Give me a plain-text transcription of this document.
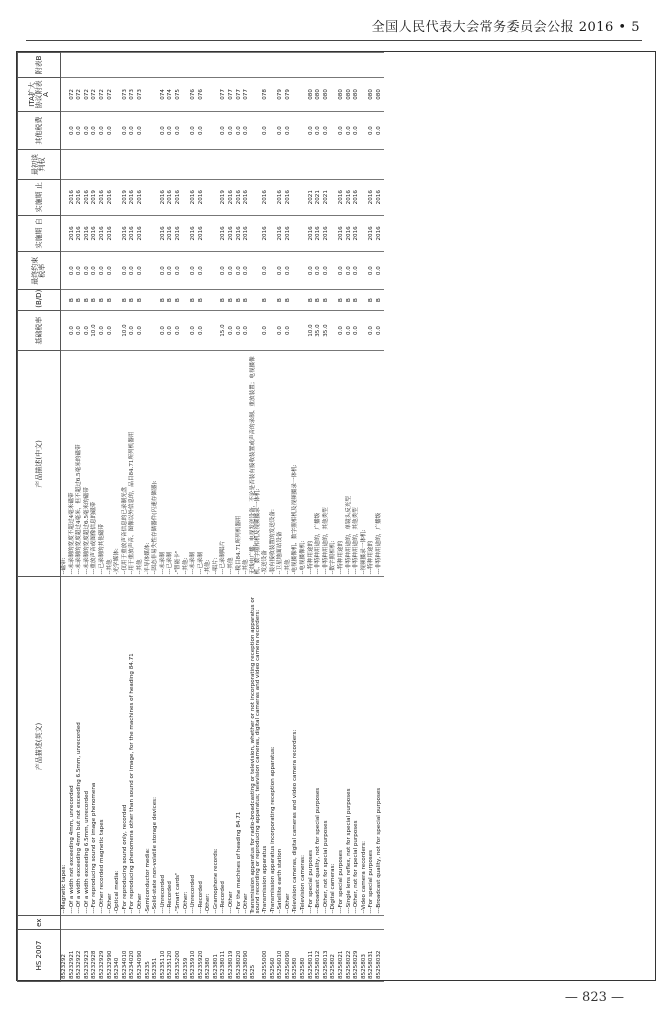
全国人民代表大会常务委员会公报 2016 • 5
HS 2007	ex	产品描述(英文)	产品描述(中文)	基础税率	(B/D)	最终约束税率	实施期 自	实施期 止	最初谈判权	其他税费	ITA扩大协议附表A	附表B
8523292		--Magnetic tapes:	--磁带:									
85232921		---Of a width not exceeding 4mm, unrecorded	---未录制的宽度不超过4毫米磁带	0.0	B	0.0	2016	2016		0.0	072	
85232922		---Of a width exceeding 4mm but not exceeding 6.5mm, unrecorded	---未录制的宽度超过4毫米，但不超过6.5毫米的磁带	0.0	B	0.0	2016	2016		0.0	072	
85232923		---Of a width exceeding 6.5mm, unrecorded	---未录制的宽度超过6.5毫米的磁带	0.0	B	0.0	2016	2016		0.0	072	
85232928		---For reproducing sound or image phenomena	---重放声音或图像信息的磁带	10.0	B	0.0	2016	2019		0.0	072	
85232929		---Other recorded magnetic tapes	---已录制的其他磁带	0.0	B	0.0	2016	2016		0.0	072	
85232990		--Other	--其他	0.0	B	0.0	2016	2016		0.0	072	
852340		-Optical media:	-光学媒体:									
85234010		--For reproducing sound only, recorded	--仅用于重放声音信息的已录制光盘	10.0	B	0.0	2016	2019		0.0	073	
85234020		--For reproducing phenomena other than sound or image, for the machines of heading 84.71	--用于重放声音、图像以外信息的，品目84.71所列机器用	0.0	B	0.0	2016	2016		0.0	073	
85234090		--Other	--其他	0.0	B	0.0	2016	2016		0.0	073	
85235		-Semiconductor media:	-半导体媒体:									
852351		--Solid-state non-volatile storage devices:	--固态非易失性存储器件(闪速存储器):									
85235110		---Unrecorded	---未录制	0.0	B	0.0	2016	2016		0.0	074	
85235120		---Recorded	---已录制	0.0	B	0.0	2016	2016		0.0	074	
85235200		-"Smart cards"	-"智能卡"	0.0	B	0.0	2016	2016		0.0	075	
852359		--Other:	--其他:									
85235910		---Unrecorded	---未录制	0.0	B	0.0	2016	2016		0.0	076	
85235920		---Recorded	---已录制	0.0	B	0.0	2016	2016		0.0	076	
852380		-Other:	-其他:									
8523801		--Gramophone records:	--唱片:									
85238011		---Recorded	---已录制唱片	15.0	B	0.0	2016	2019		0.0	077	
85238019		---Other	---其他	0.0	B	0.0	2016	2016		0.0	077	
85238020		--For the machines of heading 84.71	--税目84.71所列机器用	0.0	B	0.0	2016	2016		0.0	077	
85238090		--Other	--其他	0.0	B	0.0	2016	2016		0.0	077	
8525		Transmission apparatus for radio-broadcasting or television, whether or not incorporating reception apparatus or sound recording or reproducing apparatus; television cameras, digital cameras and video camera recorders:	无线电广播、电视发送设备，不论是否装有接收装置或声音的录制、重放装置；电视摄像机、数字照相机及视频摄录一体机:									
85255000		-Transmission apparatus	-发送设备	0.0	B	0.0	2016	2016		0.0	078	
852560		-Transmission apparatus incorporating reception apparatus:	-装有接收装置的发送设备:									
85256010		--Satellite earth station	--卫星地面站设备	0.0	B	0.0	2016	2016		0.0	079	
85256090		--Other	--其他	0.0	B	0.0	2016	2016		0.0	079	
852580		-Television cameras, digital cameras and video camera recorders:	-电视摄像机、数字照相机及视频摄录一体机:									
852580		--Television cameras:	--电视摄像机:									
85258011		---For special purposes	---特种用途的	10.0	B	0.0	2016	2021		0.0	080	
85258012		---Broadcast quality, not for special purposes	---非特种用途的，广播级	35.0	B	0.0	2016	2021		0.0	080	
85258013		---Other, not for special purposes	---非特种用途的，其他类型	35.0	B	0.0	2016	2021		0.0	080	
8525802		--Digital cameras:	--数字照相机:									
85258021		---For special purposes	---特种用途的	0.0	B	0.0	2016	2016		0.0	080	
85258022		---Single lens reflex, not for special purposes	---非特种用途的，单镜头反光型	0.0	B	0.0	2016	2016		0.0	080	
85258029		---Other, not for special purposes	---非特种用途的，其他类型	0.0	B	0.0	2016	2016		0.0	080	
8525803		--Video camera recorders:	--视频摄录一体机:									
85258031		---For special purposes	---特种用途的	0.0	B	0.0	2016	2016		0.0	080	
85258032		---Broadcast quality, not for special purposes	---非特种用途的，广播级	0.0	B	0.0	2016	2016		0.0	080	
— 823 —
